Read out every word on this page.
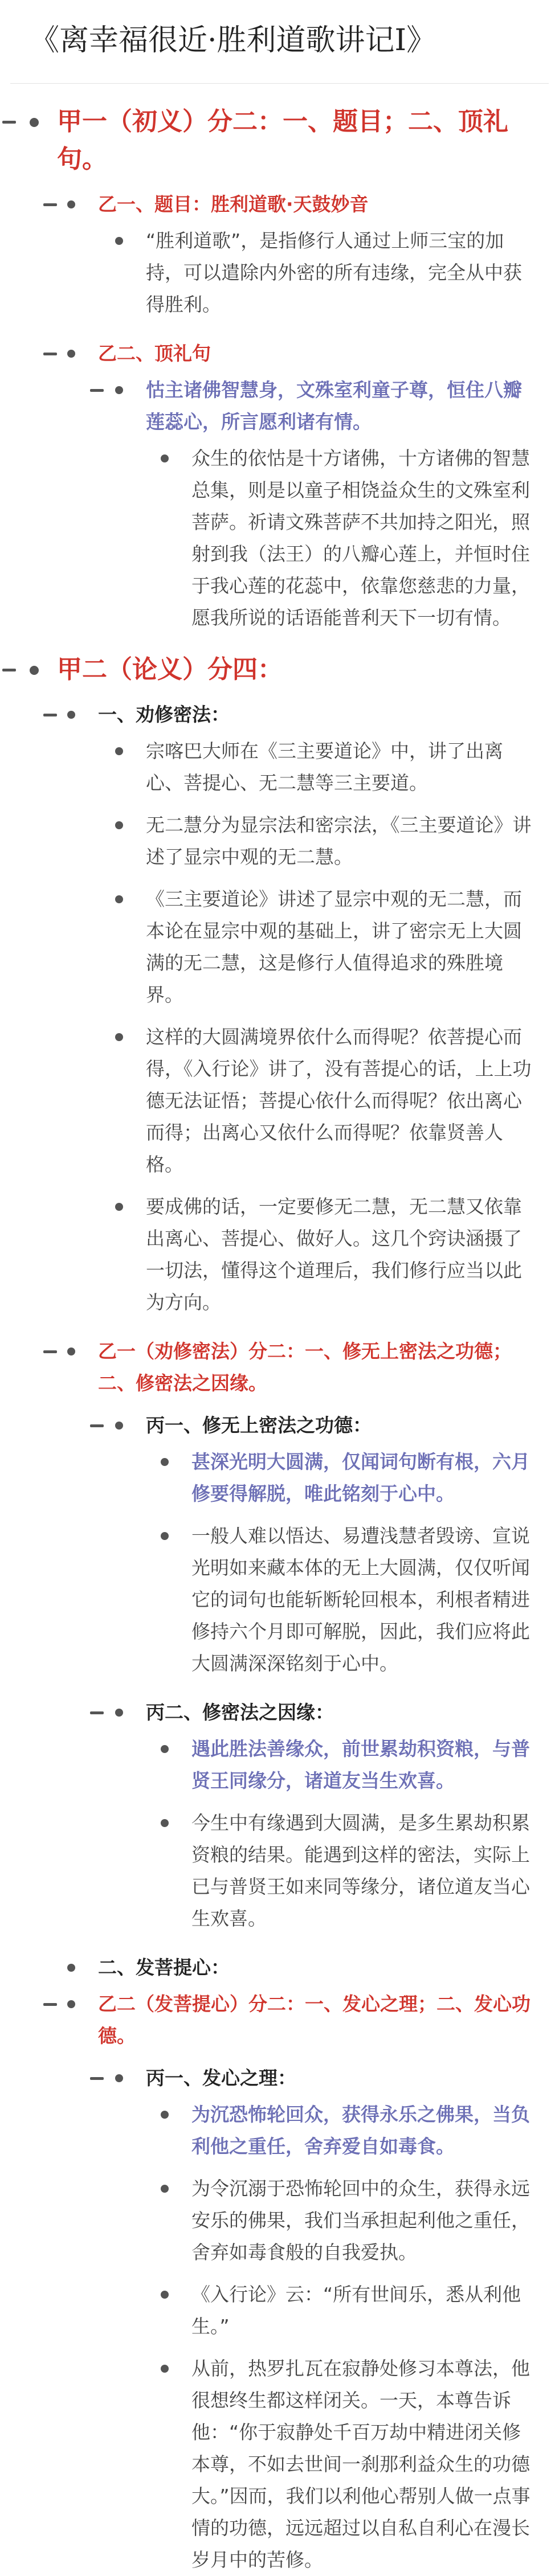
《离幸福很近·胜利道歌讲记Ⅰ》
甲一（初义）分二：一、题目；二、顶礼句。
乙一、题目：胜利道歌·天鼓妙音
“胜利道歌”，是指修行人通过上师三宝的加持，可以遣除内外密的所有违缘，完全从中获得胜利。
乙二、顶礼句
怙主诸佛智慧身，文殊室利童子尊，恒住八瓣莲蕊心，所言愿利诸有情。
众生的依怙是十方诸佛，十方诸佛的智慧总集，则是以童子相饶益众生的文殊室利菩萨。祈请文殊菩萨不共加持之阳光，照射到我（法王）的八瓣心莲上，并恒时住于我心莲的花蕊中，依靠您慈悲的力量，愿我所说的话语能普利天下一切有情。
甲二（论义）分四：
一、劝修密法：
宗喀巴大师在《三主要道论》中，讲了出离心、菩提心、无二慧等三主要道。
无二慧分为显宗法和密宗法，《三主要道论》讲述了显宗中观的无二慧。
《三主要道论》讲述了显宗中观的无二慧，而本论在显宗中观的基础上，讲了密宗无上大圆满的无二慧，这是修行人值得追求的殊胜境界。
这样的大圆满境界依什么而得呢？依菩提心而得，《入行论》讲了，没有菩提心的话，上上功德无法证悟；菩提心依什么而得呢？依出离心而得；出离心又依什么而得呢？依靠贤善人格。
要成佛的话，一定要修无二慧，无二慧又依靠出离心、菩提心、做好人。这几个窍诀涵摄了一切法，懂得这个道理后，我们修行应当以此为方向。
乙一（劝修密法）分二：一、修无上密法之功德；二、修密法之因缘。
丙一、修无上密法之功德：
甚深光明大圆满，仅闻词句断有根，六月修要得解脱，唯此铭刻于心中。
一般人难以悟达、易遭浅慧者毁谤、宣说光明如来藏本体的无上大圆满，仅仅听闻它的词句也能斩断轮回根本，利根者精进修持六个月即可解脱，因此，我们应将此大圆满深深铭刻于心中。
丙二、修密法之因缘：
遇此胜法善缘众，前世累劫积资粮，与普贤王同缘分，诸道友当生欢喜。
今生中有缘遇到大圆满，是多生累劫积累资粮的结果。能遇到这样的密法，实际上已与普贤王如来同等缘分，诸位道友当心生欢喜。
二、发菩提心：
乙二（发菩提心）分二：一、发心之理；二、发心功德。
丙一、发心之理：
为沉恐怖轮回众，获得永乐之佛果，当负利他之重任，舍弃爱自如毒食。
为令沉溺于恐怖轮回中的众生，获得永远安乐的佛果，我们当承担起利他之重任，舍弃如毒食般的自我爱执。
《入行论》云：“所有世间乐，悉从利他生。”
从前，热罗扎瓦在寂静处修习本尊法，他很想终生都这样闭关。一天，本尊告诉他：“你于寂静处千百万劫中精进闭关修本尊，不如去世间一刹那利益众生的功德大。”因而，我们以利他心帮别人做一点事情的功德，远远超过以自私自利心在漫长岁月中的苦修。
